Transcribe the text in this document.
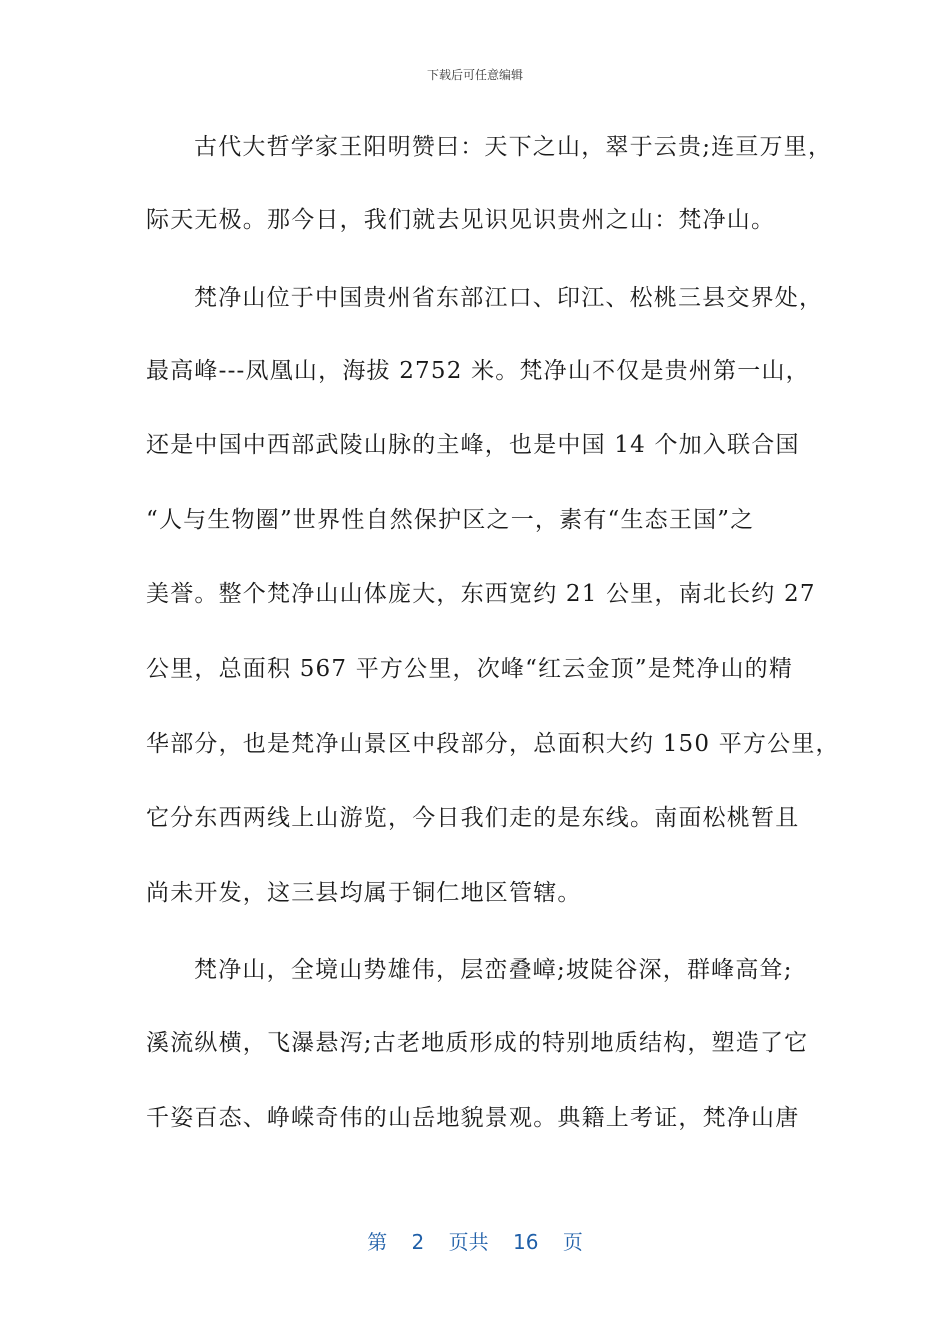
下载后可任意编辑
古代大哲学家王阳明赞曰：天下之山，翠于云贵;连亘万里，
际天无极。那今日，我们就去见识见识贵州之山：梵净山。
梵净山位于中国贵州省东部江口、印江、松桃三县交界处，
最高峰---凤凰山，海拔 2752 米。梵净山不仅是贵州第一山，
还是中国中西部武陵山脉的主峰，也是中国 14 个加入联合国
“人与生物圈”世界性自然保护区之一，素有“生态王国”之
美誉。整个梵净山山体庞大，东西宽约 21 公里，南北长约 27
公里，总面积 567 平方公里，次峰“红云金顶”是梵净山的精
华部分，也是梵净山景区中段部分，总面积大约 150 平方公里，
它分东西两线上山游览，今日我们走的是东线。南面松桃暂且
尚未开发，这三县均属于铜仁地区管辖。
梵净山，全境山势雄伟，层峦叠嶂;坡陡谷深，群峰高耸;
溪流纵横，飞瀑悬泻;古老地质形成的特别地质结构，塑造了它
千姿百态、峥嵘奇伟的山岳地貌景观。典籍上考证，梵净山唐
第 2 页共 16 页
